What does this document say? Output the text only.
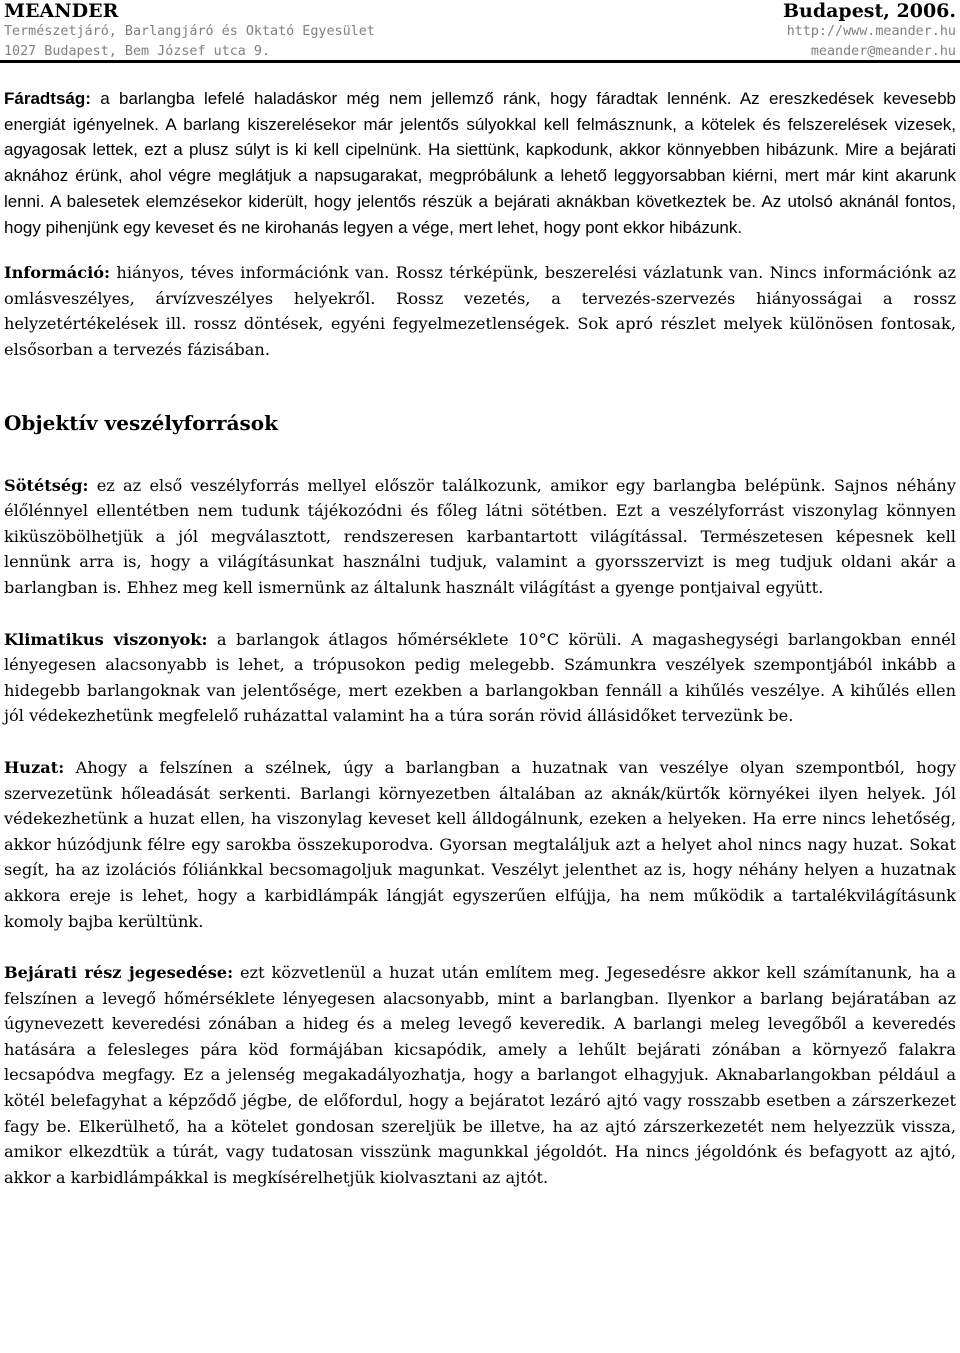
MEANDER
Természetjáró, Barlangjáró és Oktató Egyesület
1027 Budapest, Bem József utca 9.
Budapest, 2006.
http://www.meander.hu
meander@meander.hu

Fáradtság: a barlangba lefelé haladáskor még nem jellemző ránk, hogy fáradtak lennénk. Az ereszkedések kevesebb energiát igényelnek. A barlang kiszerelésekor már jelentős súlyokkal kell felmásznunk, a kötelek és felszerelések vizesek, agyagosak lettek, ezt a plusz súlyt is ki kell cipelnünk. Ha siettünk, kapkodunk, akkor könnyebben hibázunk. Mire a bejárati aknához érünk, ahol végre meglátjuk a napsugarakat, megpróbálunk a lehető leggyorsabban kiérni, mert már kint akarunk lenni. A balesetek elemzésekor kiderült, hogy jelentős részük a bejárati aknákban következtek be. Az utolsó aknánál fontos, hogy pihenjünk egy keveset és ne kirohanás legyen a vége, mert lehet, hogy pont ekkor hibázunk.

Információ: hiányos, téves információnk van. Rossz térképünk, beszerelési vázlatunk van. Nincs információnk az omlásveszélyes, árvízveszélyes helyekről. Rossz vezetés, a tervezés-szervezés hiányosságai a rossz helyzetértékelések ill. rossz döntések, egyéni fegyelmezetlenségek. Sok apró részlet melyek különösen fontosak, elsősorban a tervezés fázisában.

Objektív veszélyforrások

Sötétség: ez az első veszélyforrás mellyel először találkozunk, amikor egy barlangba belépünk. Sajnos néhány élőlénnyel ellentétben nem tudunk tájékozódni és főleg látni sötétben. Ezt a veszélyforrást viszonylag könnyen kiküszöbölhetjük a jól megválasztott, rendszeresen karbantartott világítással. Természetesen képesnek kell lennünk arra is, hogy a világításunkat használni tudjuk, valamint a gyorsszervizt is meg tudjuk oldani akár a barlangban is. Ehhez meg kell ismernünk az általunk használt világítást a gyenge pontjaival együtt.

Klimatikus viszonyok: a barlangok átlagos hőmérséklete 10°C körüli. A magashegységi barlangokban ennél lényegesen alacsonyabb is lehet, a trópusokon pedig melegebb. Számunkra veszélyek szempontjából inkább a hidegebb barlangoknak van jelentősége, mert ezekben a barlangokban fennáll a kihűlés veszélye. A kihűlés ellen jól védekezhetünk megfelelő ruházattal valamint ha a túra során rövid állásidőket tervezünk be.

Huzat: Ahogy a felszínen a szélnek, úgy a barlangban a huzatnak van veszélye olyan szempontból, hogy szervezetünk hőleadását serkenti. Barlangi környezetben általában az aknák/kürtők környékei ilyen helyek. Jól védekezhetünk a huzat ellen, ha viszonylag keveset kell álldogálnunk, ezeken a helyeken. Ha erre nincs lehetőség, akkor húzódjunk félre egy sarokba összekuporodva. Gyorsan megtaláljuk azt a helyet ahol nincs nagy huzat. Sokat segít, ha az izolációs fóliánkkal becsomagoljuk magunkat. Veszélyt jelenthet az is, hogy néhány helyen a huzatnak akkora ereje is lehet, hogy a karbidlámpák lángját egyszerűen elfújja, ha nem működik a tartalékvilágításunk komoly bajba kerültünk.

Bejárati rész jegesedése: ezt közvetlenül a huzat után említem meg. Jegesedésre akkor kell számítanunk, ha a felszínen a levegő hőmérséklete lényegesen alacsonyabb, mint a barlangban. Ilyenkor a barlang bejáratában az úgynevezett keveredési zónában a hideg és a meleg levegő keveredik. A barlangi meleg levegőből a keveredés hatására a felesleges pára köd formájában kicsapódik, amely a lehűlt bejárati zónában a környező falakra lecsapódva megfagy. Ez a jelenség megakadályozhatja, hogy a barlangot elhagyjuk. Aknabarlangokban például a kötél belefagyhat a képződő jégbe, de előfordul, hogy a bejáratot lezáró ajtó vagy rosszabb esetben a zárszerkezet fagy be. Elkerülhető, ha a kötelet gondosan szereljük be illetve, ha az ajtó zárszerkezetét nem helyezzük vissza, amikor elkezdtük a túrát, vagy tudatosan visszünk magunkkal jégoldót. Ha nincs jégoldónk és befagyott az ajtó, akkor a karbidlámpákkal is megkísérelhetjük kiolvasztani az ajtót.
